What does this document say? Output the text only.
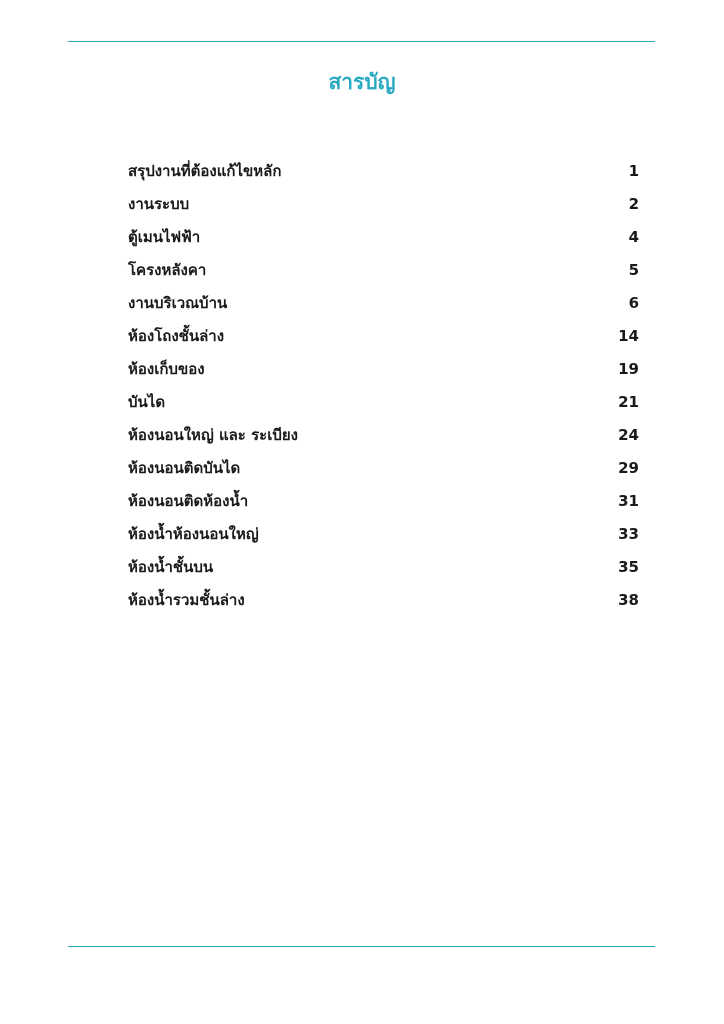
สารบัญ
สรุปงานที่ต้องแก้ไขหลัก	1
งานระบบ	2
ตู้เมนไฟฟ้า	4
โครงหลังคา	5
งานบริเวณบ้าน	6
ห้องโถงชั้นล่าง	14
ห้องเก็บของ	19
บันได	21
ห้องนอนใหญ่ และ ระเบียง	24
ห้องนอนติดบันได	29
ห้องนอนติดห้องน้ำ	31
ห้องน้ำห้องนอนใหญ่	33
ห้องน้ำชั้นบน	35
ห้องน้ำรวมชั้นล่าง	38
